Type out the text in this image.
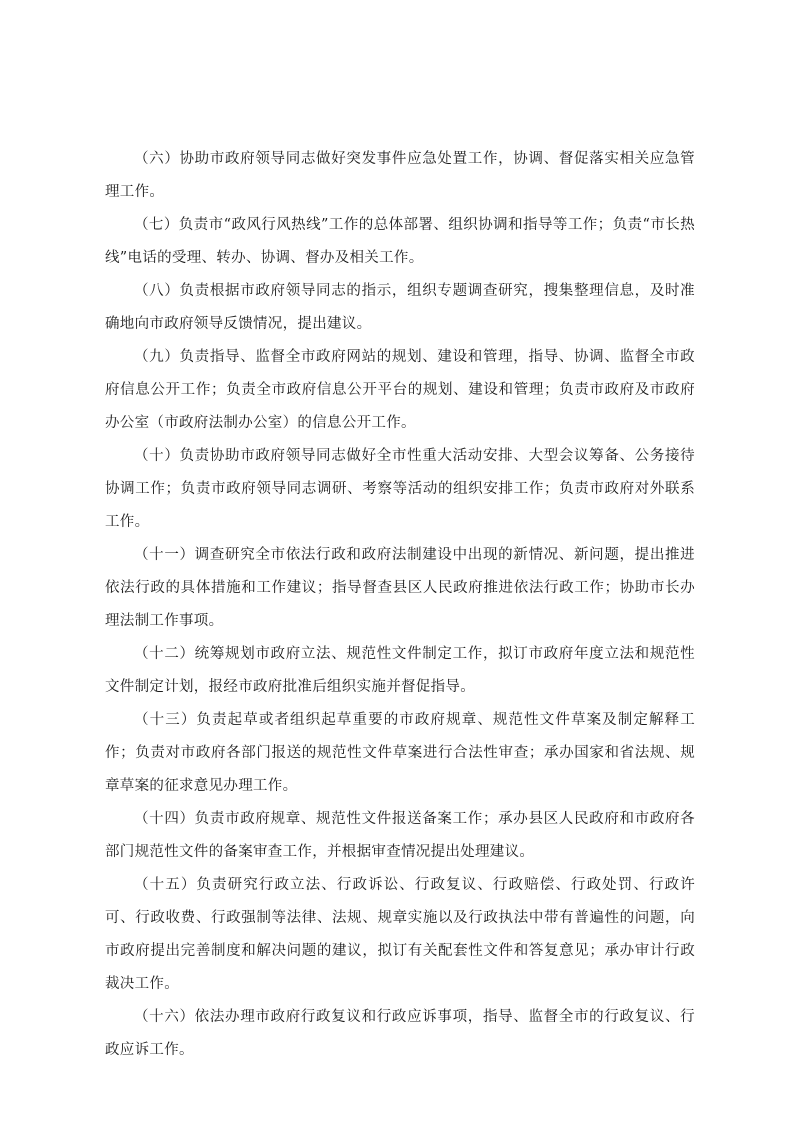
（六）协助市政府领导同志做好突发事件应急处置工作，协调、督促落实相关应急管理工作。

（七）负责市“政风行风热线”工作的总体部署、组织协调和指导等工作；负责“市长热线”电话的受理、转办、协调、督办及相关工作。

（八）负责根据市政府领导同志的指示，组织专题调查研究，搜集整理信息，及时准确地向市政府领导反馈情况，提出建议。

（九）负责指导、监督全市政府网站的规划、建设和管理，指导、协调、监督全市政府信息公开工作；负责全市政府信息公开平台的规划、建设和管理；负责市政府及市政府办公室（市政府法制办公室）的信息公开工作。

（十）负责协助市政府领导同志做好全市性重大活动安排、大型会议筹备、公务接待协调工作；负责市政府领导同志调研、考察等活动的组织安排工作；负责市政府对外联系工作。

（十一）调查研究全市依法行政和政府法制建设中出现的新情况、新问题，提出推进依法行政的具体措施和工作建议；指导督查县区人民政府推进依法行政工作；协助市长办理法制工作事项。

（十二）统筹规划市政府立法、规范性文件制定工作，拟订市政府年度立法和规范性文件制定计划，报经市政府批准后组织实施并督促指导。

（十三）负责起草或者组织起草重要的市政府规章、规范性文件草案及制定解释工作；负责对市政府各部门报送的规范性文件草案进行合法性审查；承办国家和省法规、规章草案的征求意见办理工作。

（十四）负责市政府规章、规范性文件报送备案工作；承办县区人民政府和市政府各部门规范性文件的备案审查工作，并根据审查情况提出处理建议。

（十五）负责研究行政立法、行政诉讼、行政复议、行政赔偿、行政处罚、行政许可、行政收费、行政强制等法律、法规、规章实施以及行政执法中带有普遍性的问题，向市政府提出完善制度和解决问题的建议，拟订有关配套性文件和答复意见；承办审计行政裁决工作。

（十六）依法办理市政府行政复议和行政应诉事项，指导、监督全市的行政复议、行政应诉工作。
